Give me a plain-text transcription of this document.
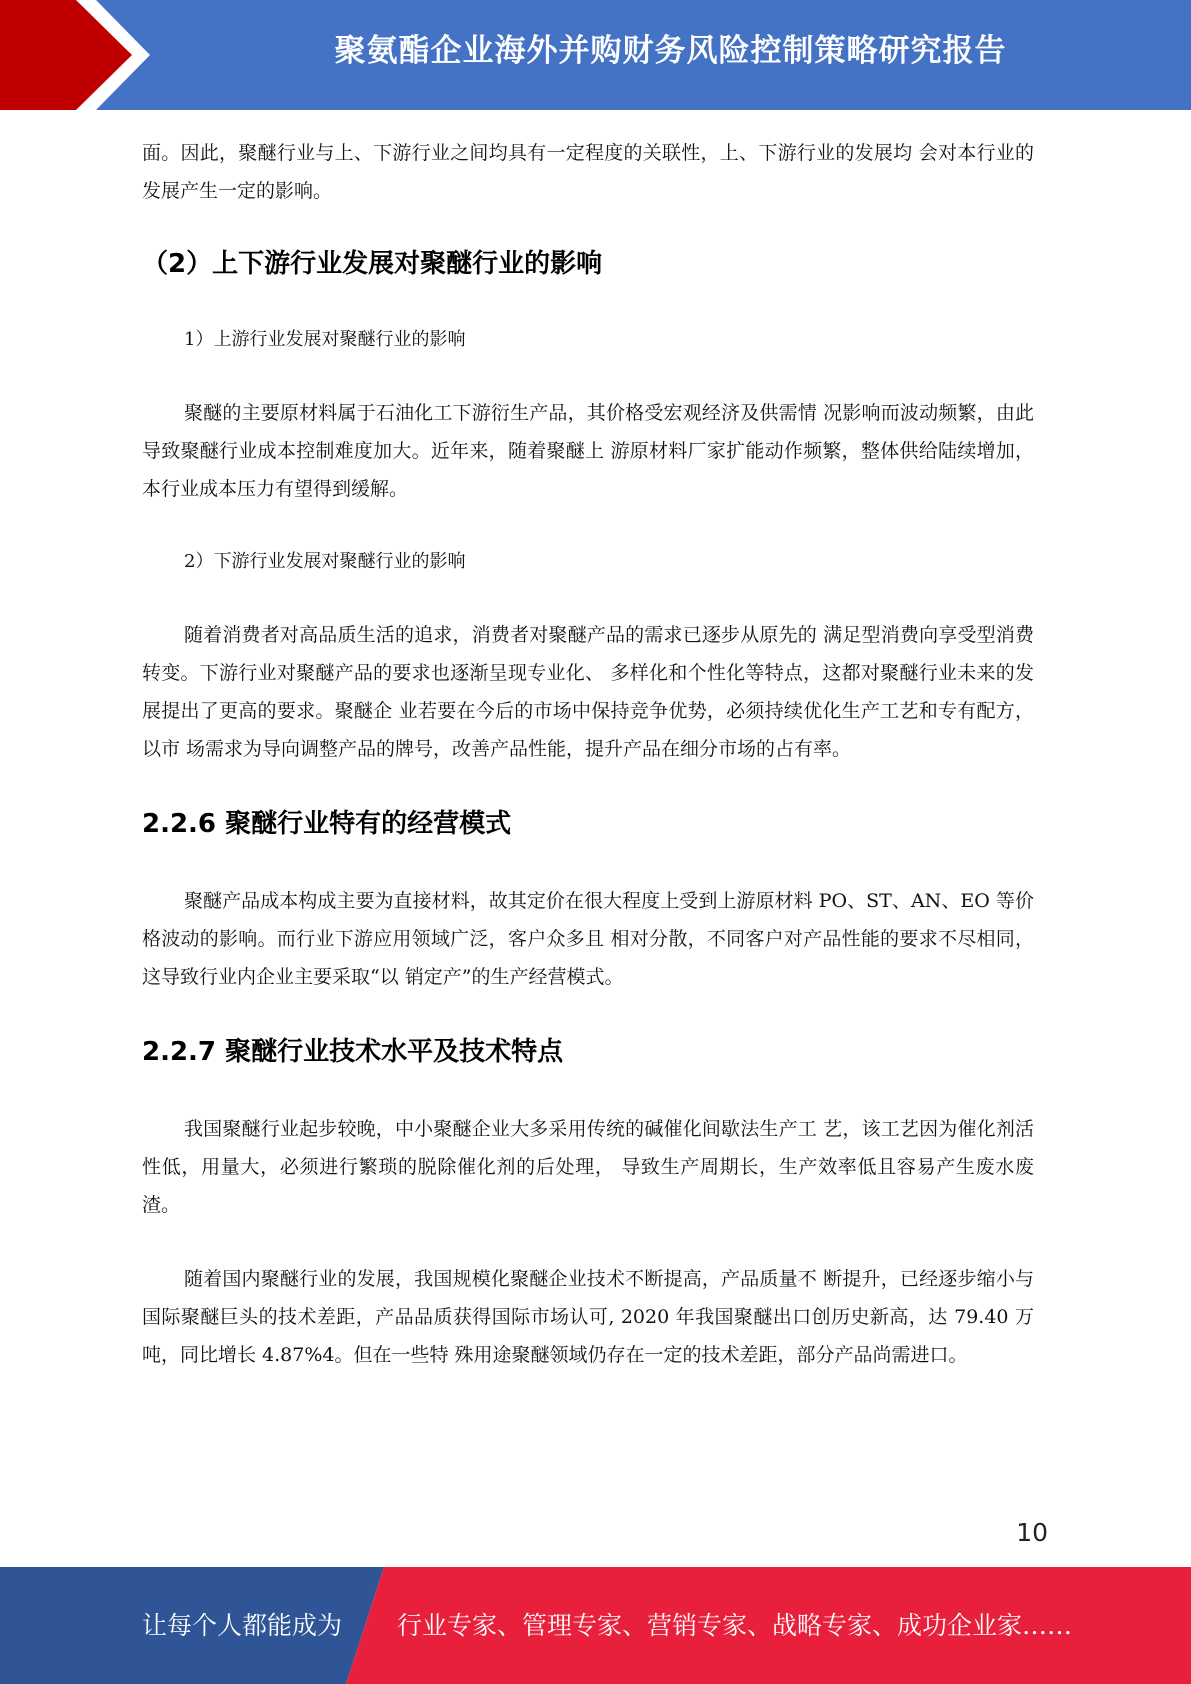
聚氨酯企业海外并购财务风险控制策略研究报告

面。因此，聚醚行业与上、下游行业之间均具有一定程度的关联性，上、下游行业的发展均 会对本行业的发展产生一定的影响。

（2）上下游行业发展对聚醚行业的影响

1）上游行业发展对聚醚行业的影响

聚醚的主要原材料属于石油化工下游衍生产品，其价格受宏观经济及供需情 况影响而波动频繁，由此导致聚醚行业成本控制难度加大。近年来，随着聚醚上 游原材料厂家扩能动作频繁，整体供给陆续增加，本行业成本压力有望得到缓解。

2）下游行业发展对聚醚行业的影响

随着消费者对高品质生活的追求，消费者对聚醚产品的需求已逐步从原先的 满足型消费向享受型消费转变。下游行业对聚醚产品的要求也逐渐呈现专业化、 多样化和个性化等特点，这都对聚醚行业未来的发展提出了更高的要求。聚醚企 业若要在今后的市场中保持竞争优势，必须持续优化生产工艺和专有配方，以市 场需求为导向调整产品的牌号，改善产品性能，提升产品在细分市场的占有率。

2.2.6 聚醚行业特有的经营模式

聚醚产品成本构成主要为直接材料，故其定价在很大程度上受到上游原材料 PO、ST、AN、EO 等价格波动的影响。而行业下游应用领域广泛，客户众多且 相对分散，不同客户对产品性能的要求不尽相同，这导致行业内企业主要采取“以 销定产”的生产经营模式。

2.2.7 聚醚行业技术水平及技术特点

我国聚醚行业起步较晚，中小聚醚企业大多采用传统的碱催化间歇法生产工 艺，该工艺因为催化剂活性低，用量大，必须进行繁琐的脱除催化剂的后处理， 导致生产周期长，生产效率低且容易产生废水废渣。

随着国内聚醚行业的发展，我国规模化聚醚企业技术不断提高，产品质量不 断提升，已经逐步缩小与国际聚醚巨头的技术差距，产品品质获得国际市场认可, 2020 年我国聚醚出口创历史新高，达 79.40 万吨，同比增长 4.87%4。但在一些特 殊用途聚醚领域仍存在一定的技术差距，部分产品尚需进口。

10
让每个人都能成为 行业专家、管理专家、营销专家、战略专家、成功企业家……
